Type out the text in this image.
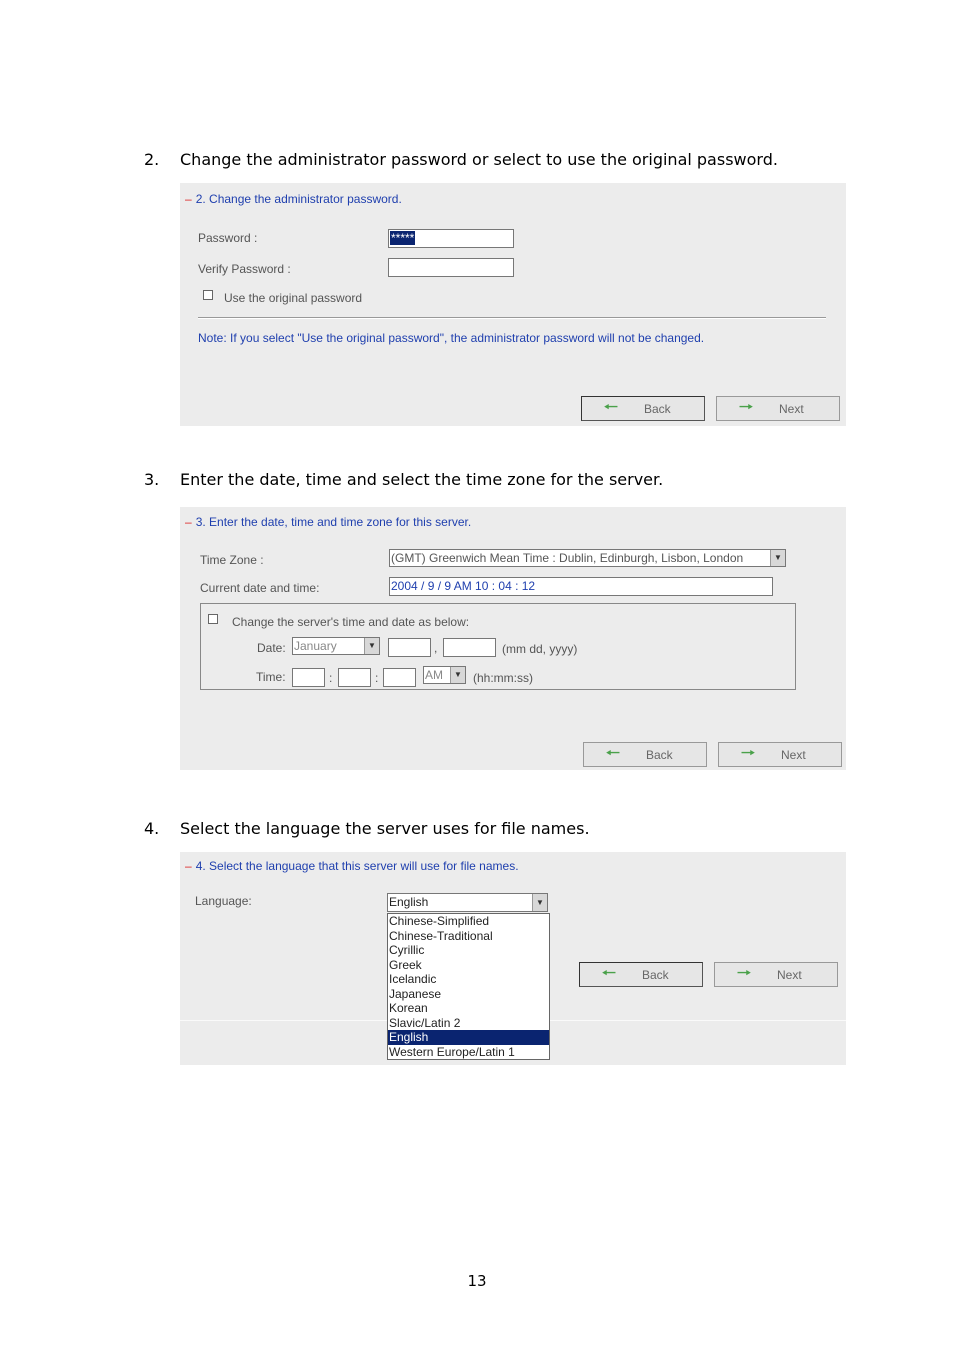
2. Change the administrator password or select to use the original password.
– 2. Change the administrator password.
Password :	*****
Verify Password :
Use the original password
Note: If you select "Use the original password", the administrator password will not be changed.
🠐 Back	🠒 Next
3. Enter the date, time and select the time zone for the server.
– 3. Enter the date, time and time zone for this server.
Time Zone :	(GMT) Greenwich Mean Time : Dublin, Edinburgh, Lisbon, London	▼
Current date and time:	2004 / 9 / 9 AM 10 : 04 : 12
Change the server's time and date as below:
Date: January	▼	,	(mm dd, yyyy)
Time:	:	:	AM	▼ (hh:mm:ss)
🠐 Back	🠒 Next
4. Select the language the server uses for file names.
– 4. Select the language that this server will use for file names.
Language:	English	▼
Chinese-Simplified
Chinese-Traditional
Cyrillic
Greek
Icelandic
Japanese
Korean
Slavic/Latin 2
English
Western Europe/Latin 1
🠐 Back	🠒 Next
13
